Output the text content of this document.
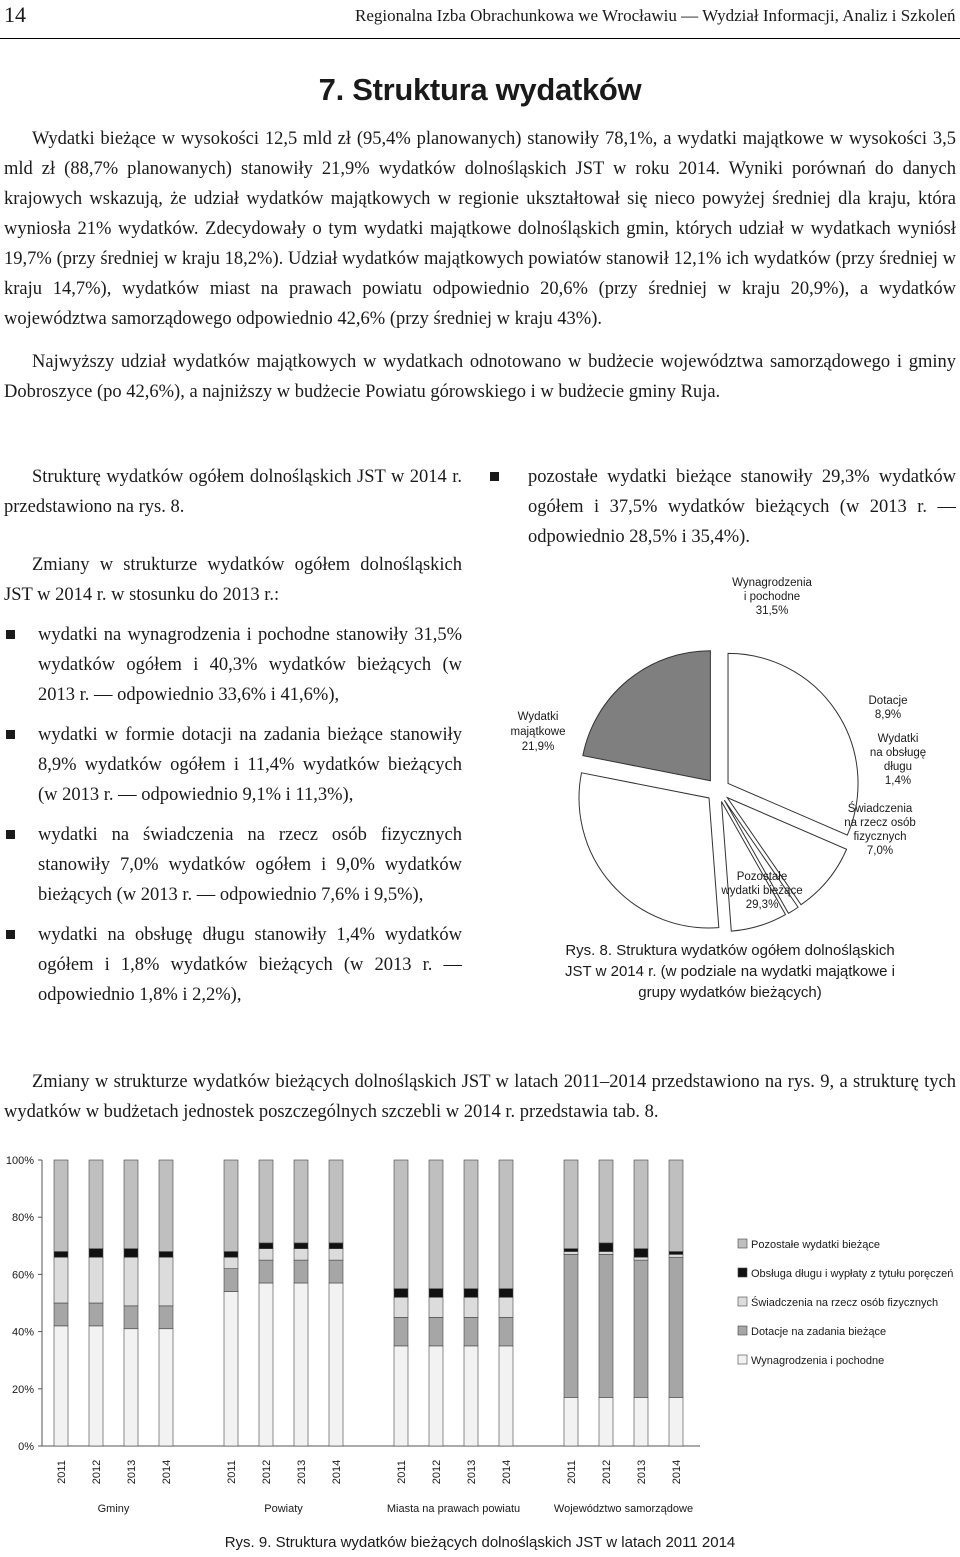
14	Regionalna Izba Obrachunkowa we Wrocławiu — Wydział Informacji, Analiz i Szkoleń
7. Struktura wydatków

Wydatki bieżące w wysokości 12,5 mld zł (95,4% planowanych) stanowiły 78,1%, a wydatki majątkowe w wysokości 3,5 mld zł (88,7% planowanych) stanowiły 21,9% wydatków dolnośląskich JST w roku 2014. Wyniki porównań do danych krajowych wskazują, że udział wydatków majątkowych w regionie ukształtował się nieco powyżej średniej dla kraju, która wyniosła 21% wydatków. Zdecydowały o tym wydatki majątkowe dolnośląskich gmin, których udział w wydatkach wyniósł 19,7% (przy średniej w kraju 18,2%). Udział wydatków majątkowych powiatów stanowił 12,1% ich wydatków (przy średniej w kraju 14,7%), wydatków miast na prawach powiatu odpowiednio 20,6% (przy średniej w kraju 20,9%), a wydatków województwa samorządowego odpowiednio 42,6% (przy średniej w kraju 43%).

Najwyższy udział wydatków majątkowych w wydatkach odnotowano w budżecie województwa samorządowego i gminy Dobroszyce (po 42,6%), a najniższy w budżecie Powiatu górowskiego i w budżecie gminy Ruja.

Strukturę wydatków ogółem dolnośląskich JST w 2014 r. przedstawiono na rys. 8.

Zmiany w strukturze wydatków ogółem dolnośląskich JST w 2014 r. w stosunku do 2013 r.:

wydatki na wynagrodzenia i pochodne stanowiły 31,5% wydatków ogółem i 40,3% wydatków bieżących (w 2013 r. — odpowiednio 33,6% i 41,6%),
wydatki w formie dotacji na zadania bieżące stanowiły 8,9% wydatków ogółem i 11,4% wydatków bieżących (w 2013 r. — odpowiednio 9,1% i 11,3%),
wydatki na świadczenia na rzecz osób fizycznych stanowiły 7,0% wydatków ogółem i 9,0% wydatków bieżących (w 2013 r. — odpowiednio 7,6% i 9,5%),
wydatki na obsługę długu stanowiły 1,4% wydatków ogółem i 1,8% wydatków bieżących (w 2013 r. — odpowiednio 1,8% i 2,2%),
pozostałe wydatki bieżące stanowiły 29,3% wydatków ogółem i 37,5% wydatków bieżących (w 2013 r. — odpowiednio 28,5% i 35,4%).
Wynagrodzenia
i pochodne
31,5%
Dotacje
8,9%
Wydatki
na obsługę
długu
1,4%
Świadczenia
na rzecz osób
fizycznych
7,0%
Pozostałe
wydatki bieżące
29,3%
Wydatki
majątkowe
21,9%
Rys. 8. Struktura wydatków ogółem dolnośląskich JST w 2014 r. (w podziale na wydatki majątkowe i grupy wydatków bieżących)

Zmiany w strukturze wydatków bieżących dolnośląskich JST w latach 2011–2014 przedstawiono na rys. 9, a strukturę tych wydatków w budżetach jednostek poszczególnych szczebli w 2014 r. przedstawia tab. 8.

0%
20%
40%
60%
80%
100%
2011 2012 2013 2014
Gminy
2011 2012 2013 2014
Powiaty
2011 2012 2013 2014
Miasta na prawach powiatu
2011 2012 2013 2014
Województwo samorządowe
Pozostałe wydatki bieżące
Obsługa długu i wypłaty z tytułu poręczeń
Świadczenia na rzecz osób fizycznych
Dotacje na zadania bieżące
Wynagrodzenia i pochodne
Rys. 9. Struktura wydatków bieżących dolnośląskich JST w latach 2011 2014
